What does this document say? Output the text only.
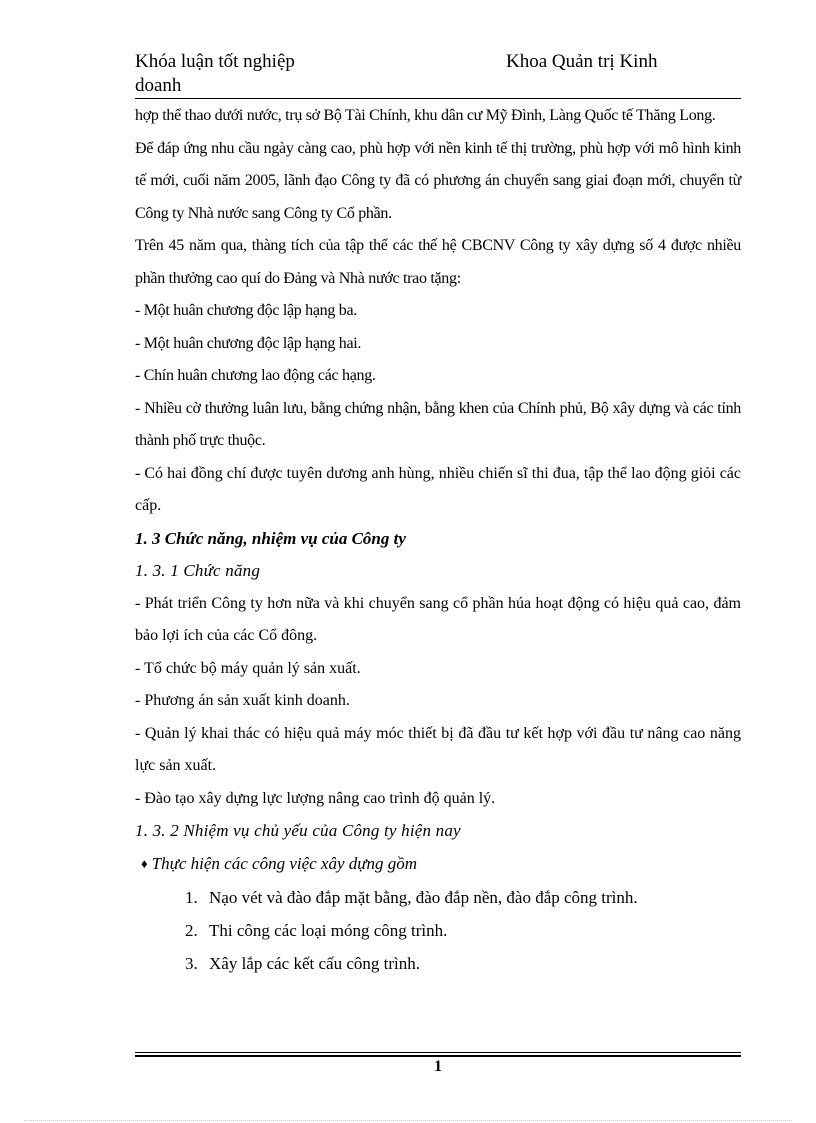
Khóa luận tốt nghiệp doanh
Khoa Quản trị Kinh

hợp thể thao dưới nước, trụ sở Bộ Tài Chính, khu dân cư Mỹ Đình, Làng Quốc tế Thăng Long.

Để đáp ứng nhu cầu ngày càng cao, phù hợp với nền kinh tế thị trường, phù hợp với mô hình kinh tế mới, cuối năm 2005, lãnh đạo Công ty đã có phương án chuyển sang giai đoạn mới, chuyển từ Công ty Nhà nước sang Công ty Cổ phần.

Trên 45 năm qua, thàng tích của tập thể các thế hệ CBCNV Công ty xây dựng số 4 được nhiều phần thưởng cao quí do Đảng và Nhà nước trao tặng:

- Một huân chương độc lập hạng ba.

- Một huân chương độc lập hạng hai.

- Chín huân chương lao động các hạng.

- Nhiều cờ thưởng luân lưu, bằng chứng nhận, bằng khen của Chính phủ, Bộ xây dựng và các tỉnh thành phố trực thuộc.

- Có hai đồng chí được tuyên dương anh hùng, nhiều chiến sĩ thi đua, tập thể lao động giỏi các cấp.

1. 3 Chức năng, nhiệm vụ của Công ty

1. 3. 1 Chức năng

- Phát triển Công ty hơn nữa và khi chuyển sang cổ phần húa hoạt động có hiệu quả cao, đảm bảo lợi ích của các Cổ đông.

- Tổ chức bộ máy quản lý sản xuất.

- Phương án sản xuất kinh doanh.

- Quản lý khai thác có hiệu quả máy móc thiết bị đã đầu tư kết hợp với đầu tư nâng cao năng lực sản xuất.

- Đào tạo xây dựng lực lượng nâng cao trình độ quản lý.

1. 3. 2 Nhiệm vụ chủ yếu của Công ty hiện nay

♦ Thực hiện các công việc xây dựng gồm

1. Nạo vét và đào đắp mặt bằng, đào đắp nền, đào đắp công trình.
2. Thi công các loại móng công trình.
3. Xây lắp các kết cấu công trình.
1
